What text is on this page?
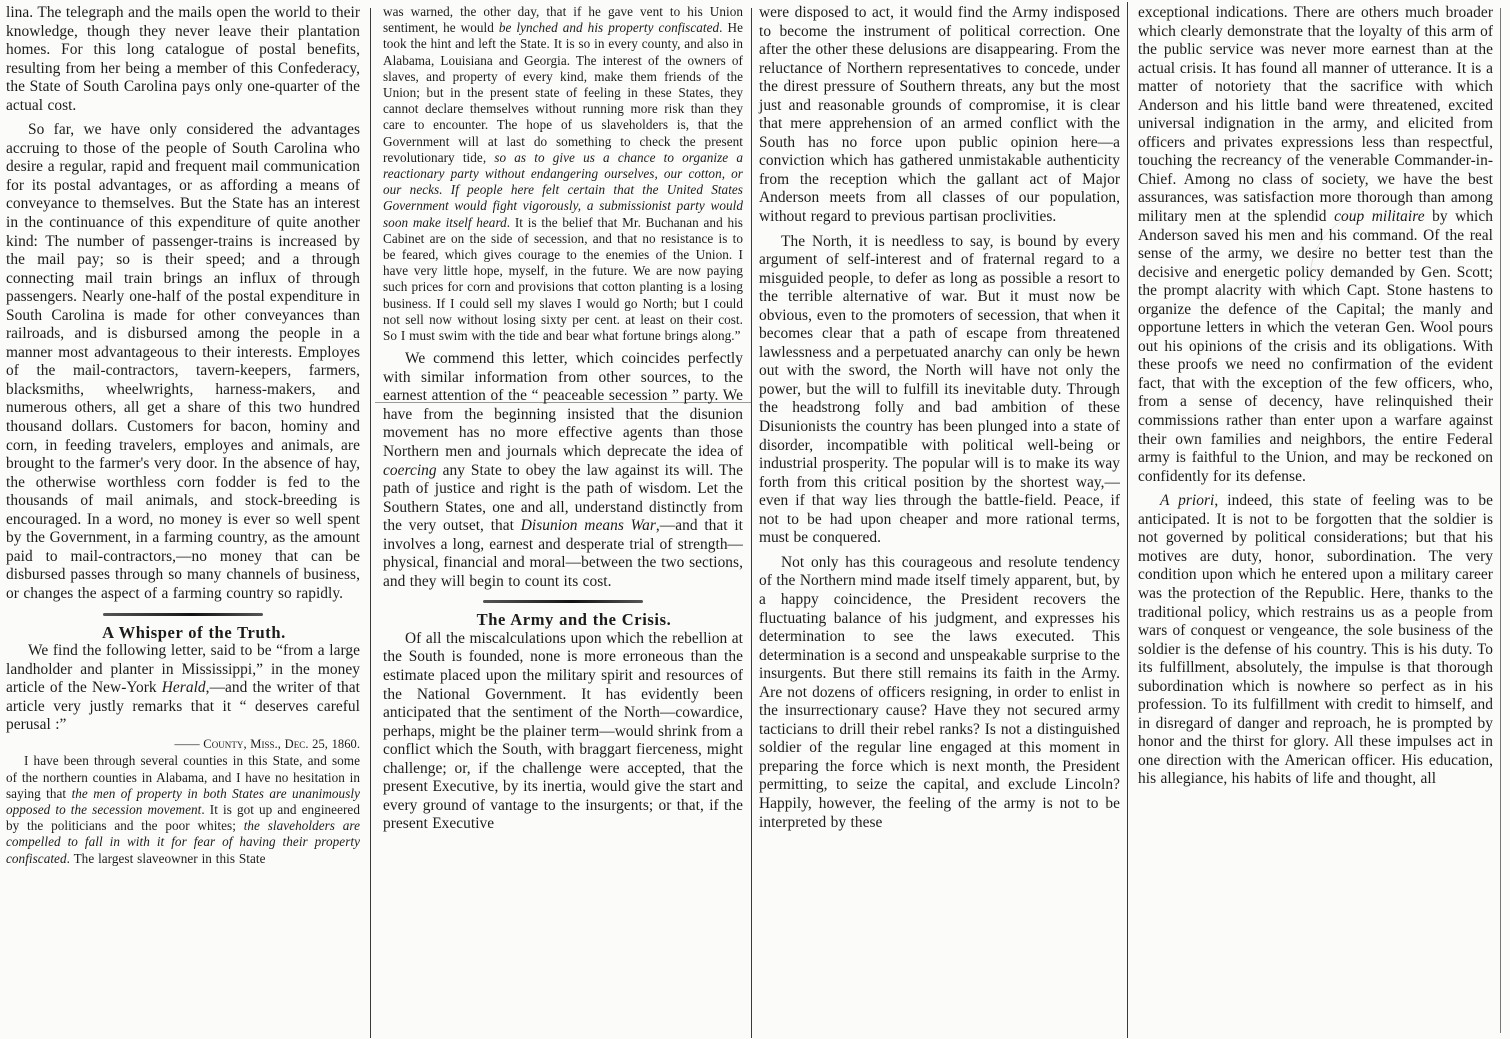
lina. The telegraph and the mails open the world to their knowledge, though they never leave their plantation homes. For this long catalogue of postal benefits, resulting from her being a member of this Confederacy, the State of South Carolina pays only one-quarter of the actual cost.

So far, we have only considered the advantages accruing to those of the people of South Carolina who desire a regular, rapid and frequent mail communication for its postal advantages, or as affording a means of conveyance to themselves. But the State has an interest in the continuance of this expenditure of quite another kind: The number of passenger-trains is increased by the mail pay; so is their speed; and a through connecting mail train brings an influx of through passengers. Nearly one-half of the postal expenditure in South Carolina is made for other conveyances than railroads, and is disbursed among the people in a manner most advantageous to their interests. Employes of the mail-contractors, tavern-keepers, farmers, blacksmiths, wheelwrights, harness-makers, and numerous others, all get a share of this two hundred thousand dollars. Customers for bacon, hominy and corn, in feeding travelers, employes and animals, are brought to the farmer's very door. In the absence of hay, the otherwise worthless corn fodder is fed to the thousands of mail animals, and stock-breeding is encouraged. In a word, no money is ever so well spent by the Government, in a farming country, as the amount paid to mail-contractors,—no money that can be disbursed passes through so many channels of business, or changes the aspect of a farming country so rapidly.

A Whisper of the Truth.

We find the following letter, said to be “from a large landholder and planter in Mississippi,” in the money article of the New-York Herald,—and the writer of that article very justly remarks that it “ deserves careful perusal :”

—— County, Miss., Dec. 25, 1860.

I have been through several counties in this State, and some of the northern counties in Alabama, and I have no hesitation in saying that the men of property in both States are unanimously opposed to the secession movement. It is got up and engineered by the politicians and the poor whites; the slaveholders are compelled to fall in with it for fear of having their property confiscated. The largest slaveowner in this State

was warned, the other day, that if he gave vent to his Union sentiment, he would be lynched and his property confiscated. He took the hint and left the State. It is so in every county, and also in Alabama, Louisiana and Georgia. The interest of the owners of slaves, and property of every kind, make them friends of the Union; but in the present state of feeling in these States, they cannot declare themselves without running more risk than they care to encounter. The hope of us slaveholders is, that the Government will at last do something to check the present revolutionary tide, so as to give us a chance to organize a reactionary party without endangering ourselves, our cotton, or our necks. If people here felt certain that the United States Government would fight vigorously, a submissionist party would soon make itself heard. It is the belief that Mr. Buchanan and his Cabinet are on the side of secession, and that no resistance is to be feared, which gives courage to the enemies of the Union. I have very little hope, myself, in the future. We are now paying such prices for corn and provisions that cotton planting is a losing business. If I could sell my slaves I would go North; but I could not sell now without losing sixty per cent. at least on their cost. So I must swim with the tide and bear what fortune brings along.”

We commend this letter, which coincides perfectly with similar information from other sources, to the earnest attention of the “ peaceable secession ” party. We have from the beginning insisted that the disunion movement has no more effective agents than those Northern men and journals which deprecate the idea of coercing any State to obey the law against its will. The path of justice and right is the path of wisdom. Let the Southern States, one and all, understand distinctly from the very outset, that Disunion means War,—and that it involves a long, earnest and desperate trial of strength—physical, financial and moral—between the two sections, and they will begin to count its cost.

The Army and the Crisis.

Of all the miscalculations upon which the rebellion at the South is founded, none is more erroneous than the estimate placed upon the military spirit and resources of the National Government. It has evidently been anticipated that the sentiment of the North—cowardice, perhaps, might be the plainer term—would shrink from a conflict which the South, with braggart fierceness, might challenge; or, if the challenge were accepted, that the present Executive, by its inertia, would give the start and every ground of vantage to the insurgents; or that, if the present Executive

were disposed to act, it would find the Army indisposed to become the instrument of political correction. One after the other these delusions are disappearing. From the reluctance of Northern representatives to concede, under the direst pressure of Southern threats, any but the most just and reasonable grounds of compromise, it is clear that mere apprehension of an armed conflict with the South has no force upon public opinion here—a conviction which has gathered unmistakable authenticity from the reception which the gallant act of Major Anderson meets from all classes of our population, without regard to previous partisan proclivities.

The North, it is needless to say, is bound by every argument of self-interest and of fraternal regard to a misguided people, to defer as long as possible a resort to the terrible alternative of war. But it must now be obvious, even to the promoters of secession, that when it becomes clear that a path of escape from threatened lawlessness and a perpetuated anarchy can only be hewn out with the sword, the North will have not only the power, but the will to fulfill its inevitable duty. Through the headstrong folly and bad ambition of these Disunionists the country has been plunged into a state of disorder, incompatible with political well-being or industrial prosperity. The popular will is to make its way forth from this critical position by the shortest way,—even if that way lies through the battle-field. Peace, if not to be had upon cheaper and more rational terms, must be conquered.

Not only has this courageous and resolute tendency of the Northern mind made itself timely apparent, but, by a happy coincidence, the President recovers the fluctuating balance of his judgment, and expresses his determination to see the laws executed. This determination is a second and unspeakable surprise to the insurgents. But there still remains its faith in the Army. Are not dozens of officers resigning, in order to enlist in the insurrectionary cause? Have they not secured army tacticians to drill their rebel ranks? Is not a distinguished soldier of the regular line engaged at this moment in preparing the force which is next month, the President permitting, to seize the capital, and exclude Lincoln? Happily, however, the feeling of the army is not to be interpreted by these

exceptional indications. There are others much broader which clearly demonstrate that the loyalty of this arm of the public service was never more earnest than at the actual crisis. It has found all manner of utterance. It is a matter of notoriety that the sacrifice with which Anderson and his little band were threatened, excited universal indignation in the army, and elicited from officers and privates expressions less than respectful, touching the recreancy of the venerable Commander-in-Chief. Among no class of society, we have the best assurances, was satisfaction more thorough than among military men at the splendid coup militaire by which Anderson saved his men and his command. Of the real sense of the army, we desire no better test than the decisive and energetic policy demanded by Gen. Scott; the prompt alacrity with which Capt. Stone hastens to organize the defence of the Capital; the manly and opportune letters in which the veteran Gen. Wool pours out his opinions of the crisis and its obligations. With these proofs we need no confirmation of the evident fact, that with the exception of the few officers, who, from a sense of decency, have relinquished their commissions rather than enter upon a warfare against their own families and neighbors, the entire Federal army is faithful to the Union, and may be reckoned on confidently for its defense.

A priori, indeed, this state of feeling was to be anticipated. It is not to be forgotten that the soldier is not governed by political considerations; but that his motives are duty, honor, subordination. The very condition upon which he entered upon a military career was the protection of the Republic. Here, thanks to the traditional policy, which restrains us as a people from wars of conquest or vengeance, the sole business of the soldier is the defense of his country. This is his duty. To its fulfillment, absolutely, the impulse is that thorough subordination which is nowhere so perfect as in his profession. To its fulfillment with credit to himself, and in disregard of danger and reproach, he is prompted by honor and the thirst for glory. All these impulses act in one direction with the American officer. His education, his allegiance, his habits of life and thought, all
